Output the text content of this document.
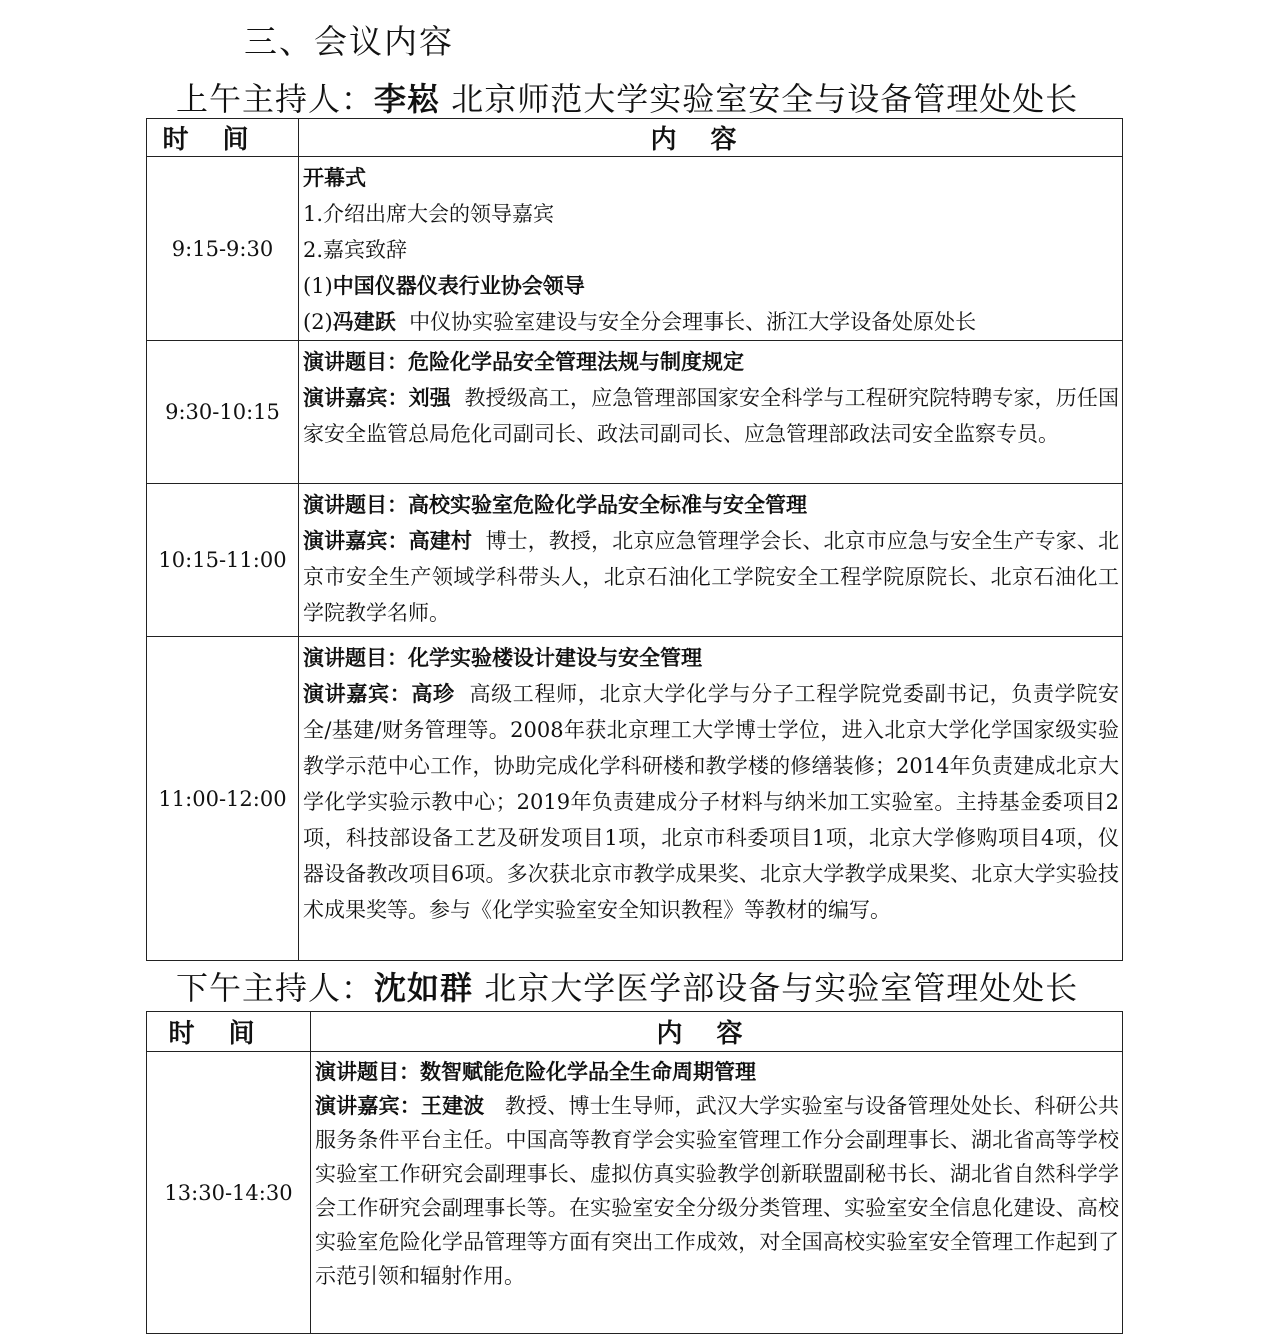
三、会议内容
上午主持人：李崧 北京师范大学实验室安全与设备管理处处长
时间	内容
9:15-9:30	开幕式
1.介绍出席大会的领导嘉宾
2.嘉宾致辞
(1)中国仪器仪表行业协会领导
(2)冯建跃 中仪协实验室建设与安全分会理事长、浙江大学设备处原处长

9:30-10:15	演讲题目：危险化学品安全管理法规与制度规定
演讲嘉宾：刘强 教授级高工，应急管理部国家安全科学与工程研究院特聘专家，历任国家安全监管总局危化司副司长、政法司副司长、应急管理部政法司安全监察专员。
10:15-11:00	演讲题目：高校实验室危险化学品安全标准与安全管理
演讲嘉宾：高建村 博士，教授，北京应急管理学会长、北京市应急与安全生产专家、北京市安全生产领域学科带头人，北京石油化工学院安全工程学院原院长、北京石油化工学院教学名师。
11:00-12:00	演讲题目：化学实验楼设计建设与安全管理
演讲嘉宾：高珍 高级工程师，北京大学化学与分子工程学院党委副书记，负责学院安全/基建/财务管理等。2008年获北京理工大学博士学位，进入北京大学化学国家级实验教学示范中心工作，协助完成化学科研楼和教学楼的修缮装修；2014年负责建成北京大学化学实验示教中心；2019年负责建成分子材料与纳米加工实验室。主持基金委项目2项，科技部设备工艺及研发项目1项，北京市科委项目1项，北京大学修购项目4项，仪器设备教改项目6项。多次获北京市教学成果奖、北京大学教学成果奖、北京大学实验技术成果奖等。参与《化学实验室安全知识教程》等教材的编写。
下午主持人：沈如群 北京大学医学部设备与实验室管理处处长
时间	内容
13:30-14:30	演讲题目：数智赋能危险化学品全生命周期管理
演讲嘉宾：王建波 教授、博士生导师，武汉大学实验室与设备管理处处长、科研公共服务条件平台主任。中国高等教育学会实验室管理工作分会副理事长、湖北省高等学校实验室工作研究会副理事长、虚拟仿真实验教学创新联盟副秘书长、湖北省自然科学学会工作研究会副理事长等。在实验室安全分级分类管理、实验室安全信息化建设、高校实验室危险化学品管理等方面有突出工作成效，对全国高校实验室安全管理工作起到了示范引领和辐射作用。
